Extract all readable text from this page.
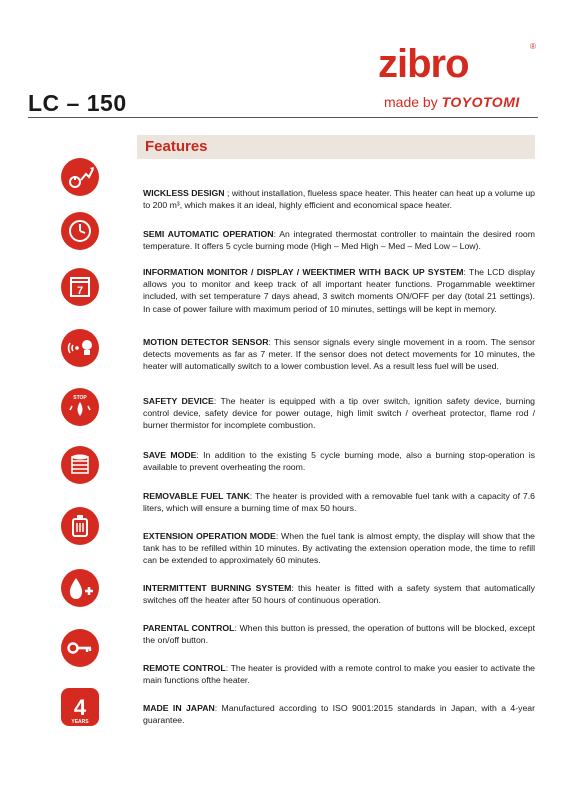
LC – 150
zibro	®
made by TOYOTOMI
Features
7
STOP
4
YEARS
WICKLESS DESIGN ; without installation, flueless space heater. This heater can heat up a volume up to 200 m³, which makes it an ideal, highly efficient and economical space heater.
SEMI AUTOMATIC OPERATION: An integrated thermostat controller to maintain the desired room temperature. It offers 5 cycle burning mode (High – Med High – Med – Med Low – Low).
INFORMATION MONITOR / DISPLAY / WEEKTIMER WITH BACK UP SYSTEM: The LCD display allows you to monitor and keep track of all important heater functions. Progammable weektimer included, with set temperature 7 days ahead, 3 switch moments ON/OFF per day (total 21 settings). In case of power failure with maximum period of 10 minutes, settings will be kept in memory.
MOTION DETECTOR SENSOR: This sensor signals every single movement in a room. The sensor detects movements as far as 7 meter. If the sensor does not detect movements for 10 minutes, the heater will automatically switch to a lower combustion level. As a result less fuel will be used.
SAFETY DEVICE: The heater is equipped with a tip over switch, ignition safety device, burning control device, safety device for power outage, high limit switch / overheat protector, flame rod / burner thermistor for incomplete combustion.
SAVE MODE: In addition to the existing 5 cycle burning mode, also a burning stop-operation is available to prevent overheating the room.
REMOVABLE FUEL TANK: The heater is provided with a removable fuel tank with a capacity of 7.6 liters, which will ensure a burning time of max 50 hours.
EXTENSION OPERATION MODE: When the fuel tank is almost empty, the display will show that the tank has to be refilled within 10 minutes. By activating the extension operation mode, the time to refill can be extended to approximately 60 minutes.
INTERMITTENT BURNING SYSTEM: this heater is fitted with a safety system that automatically switches off the heater after 50 hours of continuous operation.
PARENTAL CONTROL: When this button is pressed, the operation of buttons will be blocked, except the on/off button.
REMOTE CONTROL: The heater is provided with a remote control to make you easier to activate the main functions ofthe heater.
MADE IN JAPAN: Manufactured according to ISO 9001:2015 standards in Japan, with a 4-year guarantee.
